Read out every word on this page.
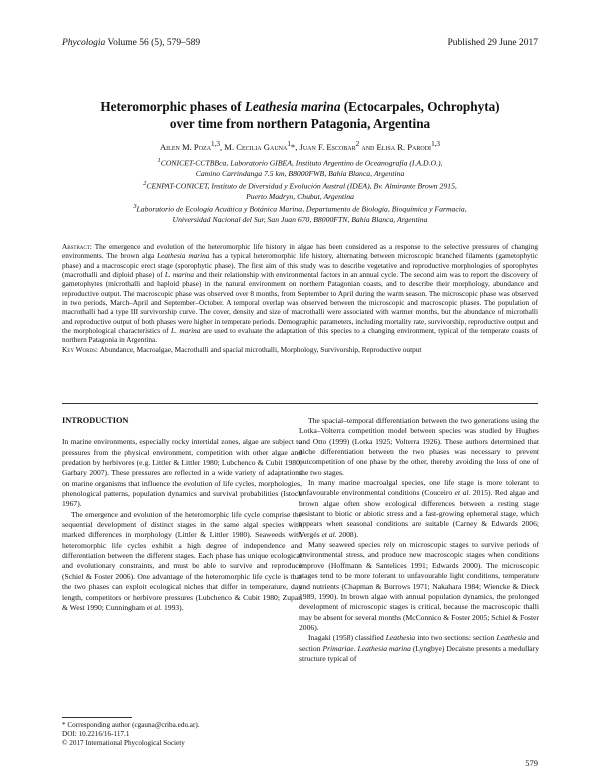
Phycologia Volume 56 (5), 579–589	Published 29 June 2017
Heteromorphic phases of Leathesia marina (Ectocarpales, Ochrophyta)
over time from northern Patagonia, Argentina
Ailen M. Poza$^{1,3}$, M. Cecilia Gauna$^1$*, Juan F. Escobar$^2$ and Elisa R. Parodi$^{1,3}$

$^1$CONICET-CCTBBca, Laboratorio GIBEA, Instituto Argentino de Oceanografía (I.A.D.O.),

Camino Carrindanga 7.5 km, B8000FWB, Bahía Blanca, Argentina

$^2$CENPAT-CONICET, Instituto de Diversidad y Evolución Austral (IDEA), Bv. Almirante Brown 2915,

Puerto Madryn, Chubut, Argentina

$^3$Laboratorio de Ecología Acuática y Botánica Marina, Departamento de Biología, Bioquímica y Farmacia,

Universidad Nacional del Sur, San Juan 670, B8000FTN, Bahía Blanca, Argentina

Abstract: The emergence and evolution of the heteromorphic life history in algae has been considered as a response to the selective pressures of changing environments. The brown alga Leathesia marina has a typical heteromorphic life history, alternating between microscopic branched filaments (gametophytic phase) and a macroscopic erect stage (sporophytic phase). The first aim of this study was to describe vegetative and reproductive morphologies of sporophytes (macrothalli and diploid phase) of L. marina and their relationship with environmental factors in an annual cycle. The second aim was to report the discovery of gametophytes (microthalli and haploid phase) in the natural environment on northern Patagonian coasts, and to describe their morphology, abundance and reproductive output. The macroscopic phase was observed over 8 months, from September to April during the warm season. The microscopic phase was observed in two periods, March–April and September–October. A temporal overlap was observed between the microscopic and macroscopic phases. The population of macrothalli had a type III survivorship curve. The cover, density and size of macrothalli were associated with warmer months, but the abundance of microthalli and reproductive output of both phases were higher in temperate periods. Demographic parameters, including mortality rate, survivorship, reproductive output and the morphological characteristics of L. marina are used to evaluate the adaptation of this species to a changing environment, typical of the temperate coasts of northern Patagonia in Argentina.

Key Words: Abundance, Macroalgae, Macrothalli and spacial microthalli, Morphology, Survivorship, Reproductive output

INTRODUCTION

In marine environments, especially rocky intertidal zones, algae are subject to pressures from the physical environment, competition with other algae and predation by herbivores (e.g. Littler & Littler 1980; Lubchenco & Cubit 1980; Garbary 2007). These pressures are reflected in a wide variety of adaptations on marine organisms that influence the evolution of life cycles, morphologies, phenological patterns, population dynamics and survival probabilities (Istock 1967).

The emergence and evolution of the heteromorphic life cycle comprise the sequential development of distinct stages in the same algal species with marked differences in morphology (Littler & Littler 1980). Seaweeds with heteromorphic life cycles exhibit a high degree of independence and differentiation between the different stages. Each phase has unique ecological and evolutionary constraints, and must be able to survive and reproduce (Schiel & Foster 2006). One advantage of the heteromorphic life cycle is that the two phases can exploit ecological niches that differ in temperature, day length, competitors or herbivore pressures (Lubchenco & Cubit 1980; Zupan & West 1990; Cunningham et al. 1993).

The spacial–temporal differentiation between the two generations using the Lotka–Volterra competition model between species was studied by Hughes and Otto (1999) (Lotka 1925; Volterra 1926). These authors determined that niche differentiation between the two phases was necessary to prevent outcompetition of one phase by the other, thereby avoiding the loss of one of the two stages.

In many marine macroalgal species, one life stage is more tolerant to unfavourable environmental conditions (Couceiro et al. 2015). Red algae and brown algae often show ecological differences between a resting stage resistant to biotic or abiotic stress and a fast-growing ephemeral stage, which appears when seasonal conditions are suitable (Carney & Edwards 2006; Vergés et al. 2008).

Many seaweed species rely on microscopic stages to survive periods of environmental stress, and produce new macroscopic stages when conditions improve (Hoffmann & Santelices 1991; Edwards 2000). The microscopic stages tend to be more tolerant to unfavourable light conditions, temperature and nutrients (Chapman & Burrows 1971; Nakahara 1984; Wiencke & Dieck 1989, 1990). In brown algae with annual population dynamics, the prolonged development of microscopic stages is critical, because the macroscopic thalli may be absent for several months (McConnico & Foster 2005; Schiel & Foster 2006).

Inagaki (1958) classified Leathesia into two sections: section Leathesia and section Primariae. Leathesia marina (Lyngbye) Decaisne presents a medullary structure typical of

* Corresponding author (cgauna@criba.edu.ar).
DOI: 10.2216/16-117.1
© 2017 International Phycological Society
579
